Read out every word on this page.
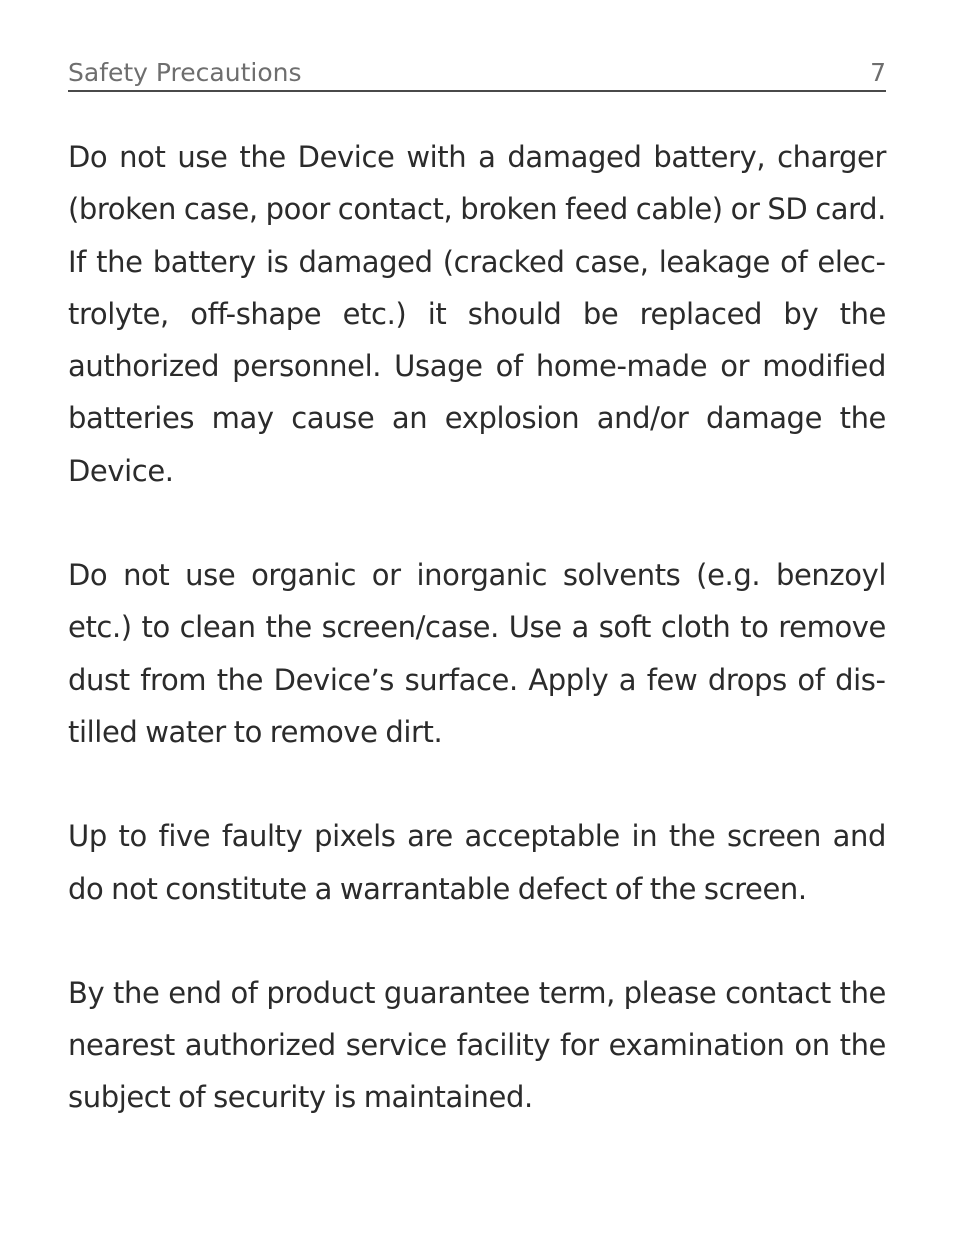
Safety Precautions	7

Do not use the Device with a damaged battery, charger (broken case, poor contact, broken feed cable) or SD card. If the battery is damaged (cracked case, leakage of electrolyte, off-shape etc.) it should be replaced by the authorized personnel. Usage of home-made or modified batteries may cause an explosion and/or damage the Device.

Do not use organic or inorganic solvents (e.g. benzoyl etc.) to clean the screen/case. Use a soft cloth to remove dust from the Device’s surface. Apply a few drops of distilled water to remove dirt.

Up to five faulty pixels are acceptable in the screen and do not constitute a warrantable defect of the screen.

By the end of product guarantee term, please contact the nearest authorized service facility for examination on the subject of security is maintained.
